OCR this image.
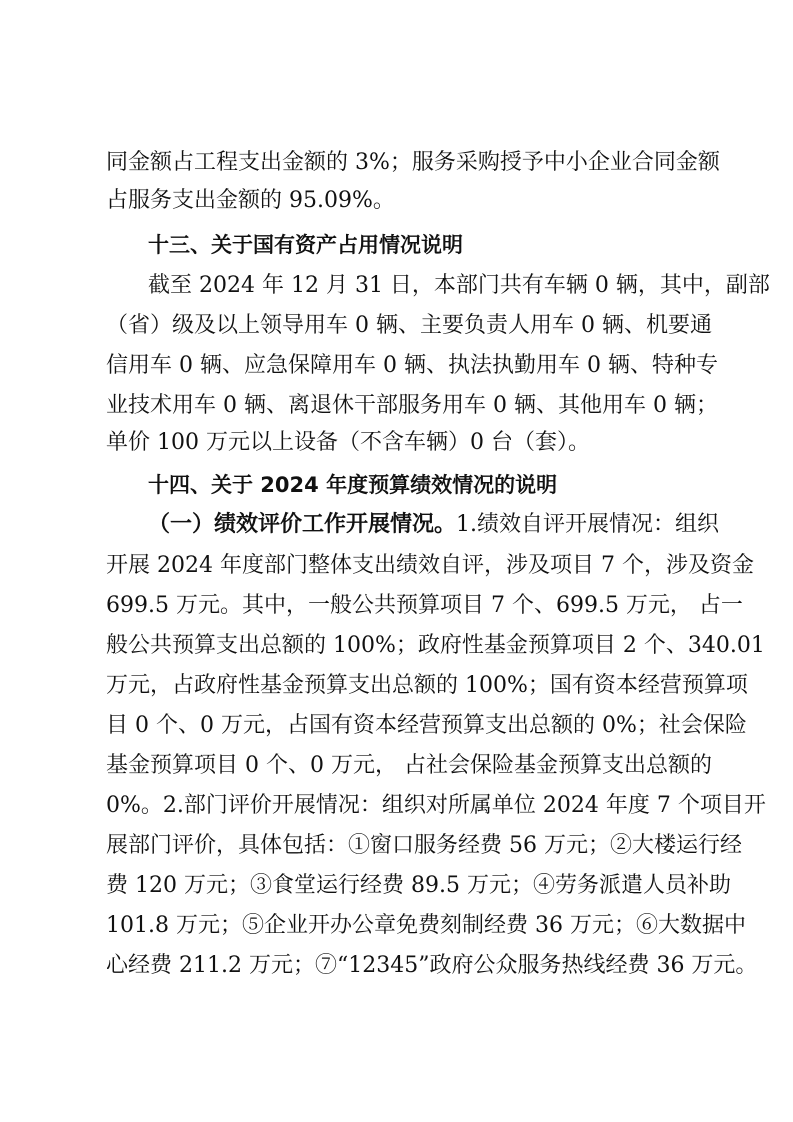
同金额占工程支出金额的 3%；服务采购授予中小企业合同金额
占服务支出金额的 95.09%。
十三、关于国有资产占用情况说明
截至 2024 年 12 月 31 日，本部门共有车辆 0 辆，其中，副部
（省）级及以上领导用车 0 辆、主要负责人用车 0 辆、机要通
信用车 0 辆、应急保障用车 0 辆、执法执勤用车 0 辆、特种专
业技术用车 0 辆、离退休干部服务用车 0 辆、其他用车 0 辆；
单价 100 万元以上设备（不含车辆）0 台（套）。
十四、关于 2024 年度预算绩效情况的说明
（一）绩效评价工作开展情况。1.绩效自评开展情况：组织
开展 2024 年度部门整体支出绩效自评，涉及项目 7 个，涉及资金
699.5 万元。其中，一般公共预算项目 7 个、699.5 万元， 占一
般公共预算支出总额的 100%；政府性基金预算项目 2 个、340.01
万元，占政府性基金预算支出总额的 100%；国有资本经营预算项
目 0 个、0 万元，占国有资本经营预算支出总额的 0%；社会保险
基金预算项目 0 个、0 万元， 占社会保险基金预算支出总额的
0%。2.部门评价开展情况：组织对所属单位 2024 年度 7 个项目开
展部门评价，具体包括：①窗口服务经费 56 万元；②大楼运行经
费 120 万元；③食堂运行经费 89.5 万元；④劳务派遣人员补助
101.8 万元；⑤企业开办公章免费刻制经费 36 万元；⑥大数据中
心经费 211.2 万元；⑦“12345”政府公众服务热线经费 36 万元。
